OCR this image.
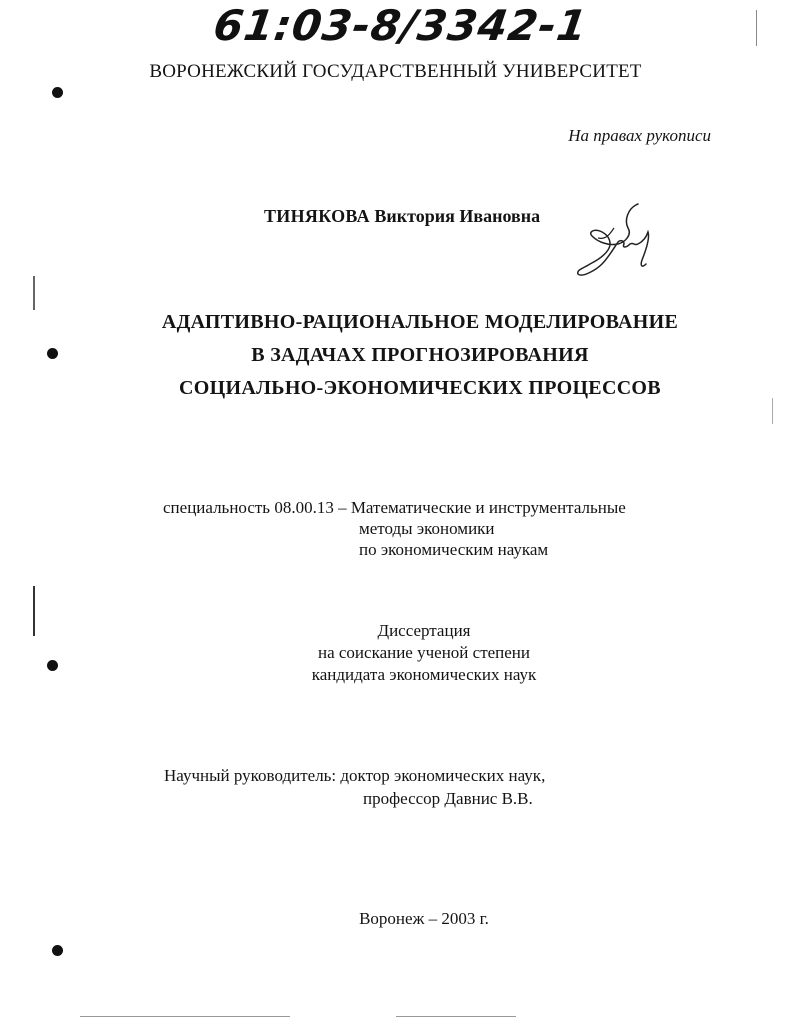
61:03-8/3342-1
ВОРОНЕЖСКИЙ ГОСУДАРСТВЕННЫЙ УНИВЕРСИТЕТ
На правах рукописи
ТИНЯКОВА Виктория Ивановна
АДАПТИВНО-РАЦИОНАЛЬНОЕ МОДЕЛИРОВАНИЕ
В ЗАДАЧАХ ПРОГНОЗИРОВАНИЯ
СОЦИАЛЬНО-ЭКОНОМИЧЕСКИХ ПРОЦЕССОВ
специальность 08.00.13 – Математические и инструментальные
методы экономики
по экономическим наукам
Диссертация
на соискание ученой степени
кандидата экономических наук
Научный руководитель: доктор экономических наук,
профессор Давнис В.В.
Воронеж – 2003 г.
